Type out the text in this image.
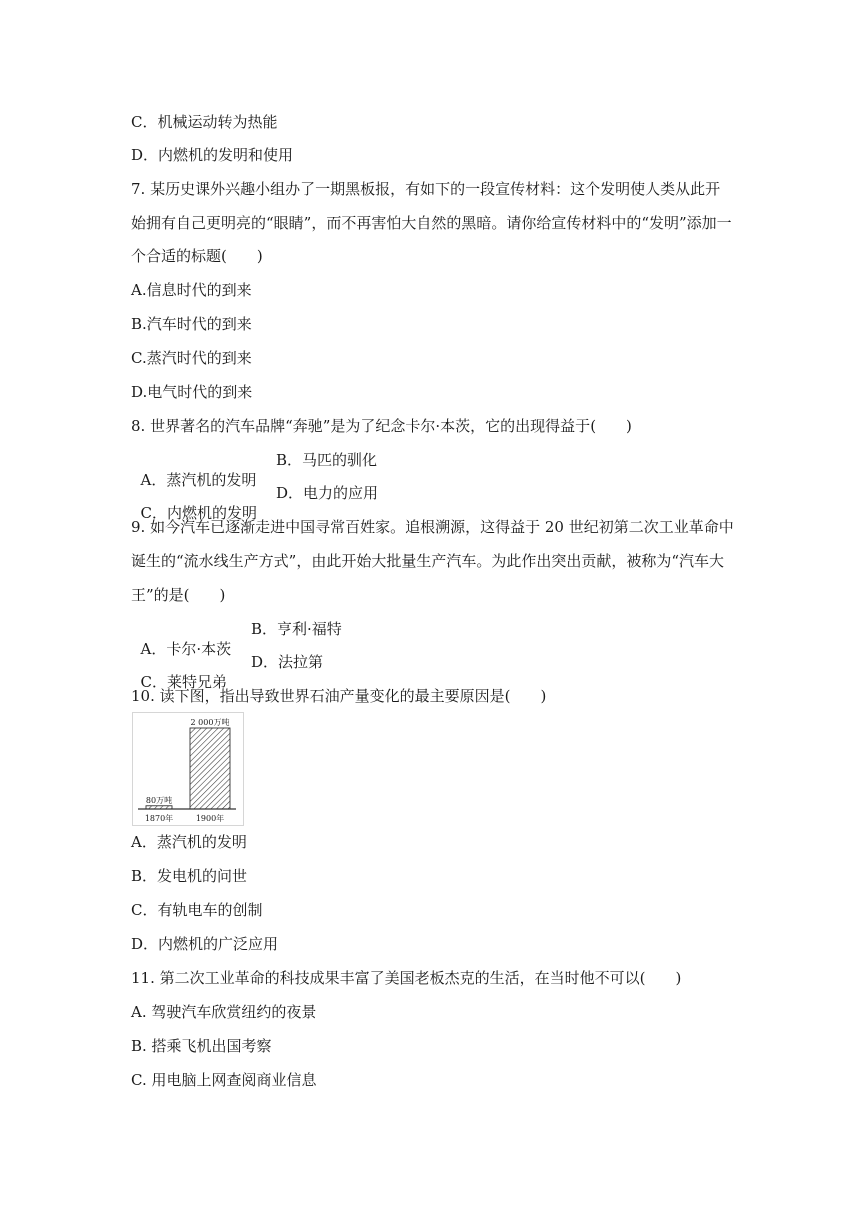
C．机械运动转为热能

D．内燃机的发明和使用

7. 某历史课外兴趣小组办了一期黑板报，有如下的一段宣传材料：这个发明使人类从此开

始拥有自己更明亮的“眼睛”，而不再害怕大自然的黑暗。请你给宣传材料中的“发明”添加一

个合适的标题(　　)

A.信息时代的到来

B.汽车时代的到来

C.蒸汽时代的到来

D.电气时代的到来

8. 世界著名的汽车品牌“奔驰”是为了纪念卡尔·本茨，它的出现得益于(　　)

A．蒸汽机的发明

B．马匹的驯化

C．内燃机的发明

D．电力的应用

9. 如今汽车已逐渐走进中国寻常百姓家。追根溯源，这得益于 20 世纪初第二次工业革命中

诞生的“流水线生产方式”，由此开始大批量生产汽车。为此作出突出贡献，被称为“汽车大

王”的是(　　)

A．卡尔·本茨

B．亨利·福特

C．莱特兄弟

D．法拉第

10. 读下图，指出导致世界石油产量变化的最主要原因是(　　)

80万吨
1870年
2 000万吨
1900年

A．蒸汽机的发明

B．发电机的问世

C．有轨电车的创制

D．内燃机的广泛应用

11. 第二次工业革命的科技成果丰富了美国老板杰克的生活，在当时他不可以(　　)

A. 驾驶汽车欣赏纽约的夜景

B. 搭乘飞机出国考察

C. 用电脑上网查阅商业信息
